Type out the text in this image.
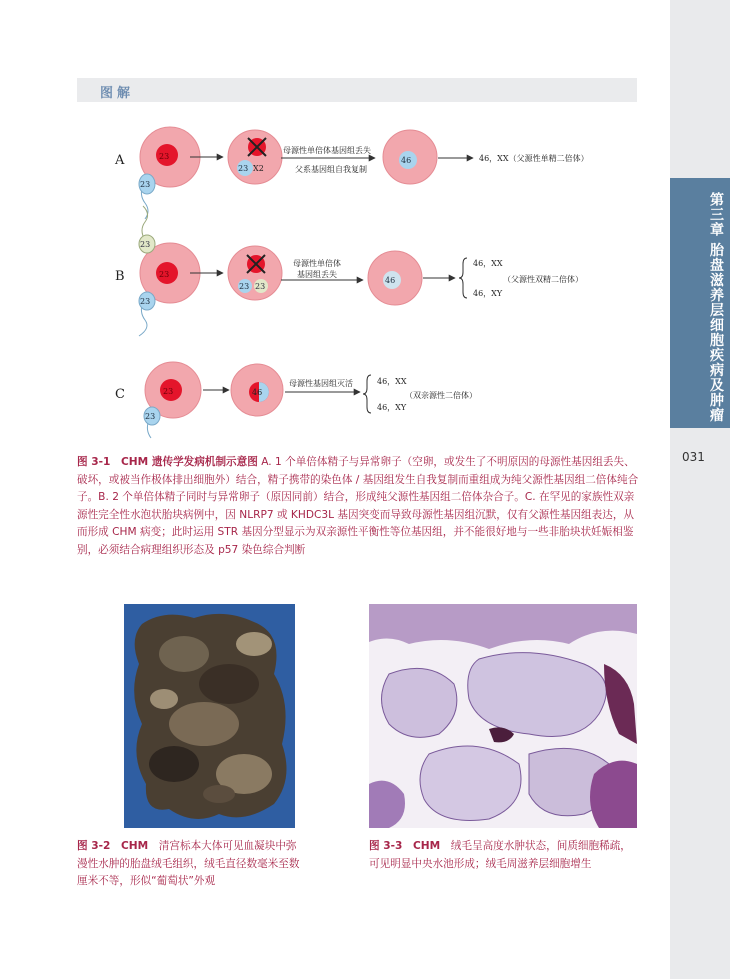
第三章 胎盘滋养层细胞疾病及肿瘤
031
图解
A	23
23
23 X2
母源性单倍体基因组丢失
父系基因组自我复制
46	46，XX（父源性单精二倍体）
B	23
23
23
23 23
母源性单倍体
基因组丢失
46
46，XX
46，XY
（父源性双精二倍体）
C	23
23
46
母源性基因组灭活	46，XX
46，XY
（双亲源性二倍体）
图 3-1　CHM 遗传学发病机制示意图 A. 1 个单倍体精子与异常卵子（空卵，或发生了不明原因的母源性基因组丢失、破坏，或被当作极体排出细胞外）结合，精子携带的染色体 / 基因组发生自我复制而重组成为纯父源性基因组二倍体纯合子。B. 2 个单倍体精子同时与异常卵子（原因同前）结合，形成纯父源性基因组二倍体杂合子。C. 在罕见的家族性双亲源性完全性水泡状胎块病例中，因 NLRP7 或 KHDC3L 基因突变而导致母源性基因组沉默，仅有父源性基因组表达，从而形成 CHM 病变；此时运用 STR 基因分型显示为双亲源性平衡性等位基因组，并不能很好地与一些非胎块状妊娠相鉴别，必须结合病理组织形态及 p57 染色综合判断
图 3-2　CHM　清宫标本大体可见血凝块中弥漫性水肿的胎盘绒毛组织，绒毛直径数毫米至数厘米不等，形似“葡萄状”外观
图 3-3　CHM　绒毛呈高度水肿状态，间质细胞稀疏，可见明显中央水池形成；绒毛周滋养层细胞增生
